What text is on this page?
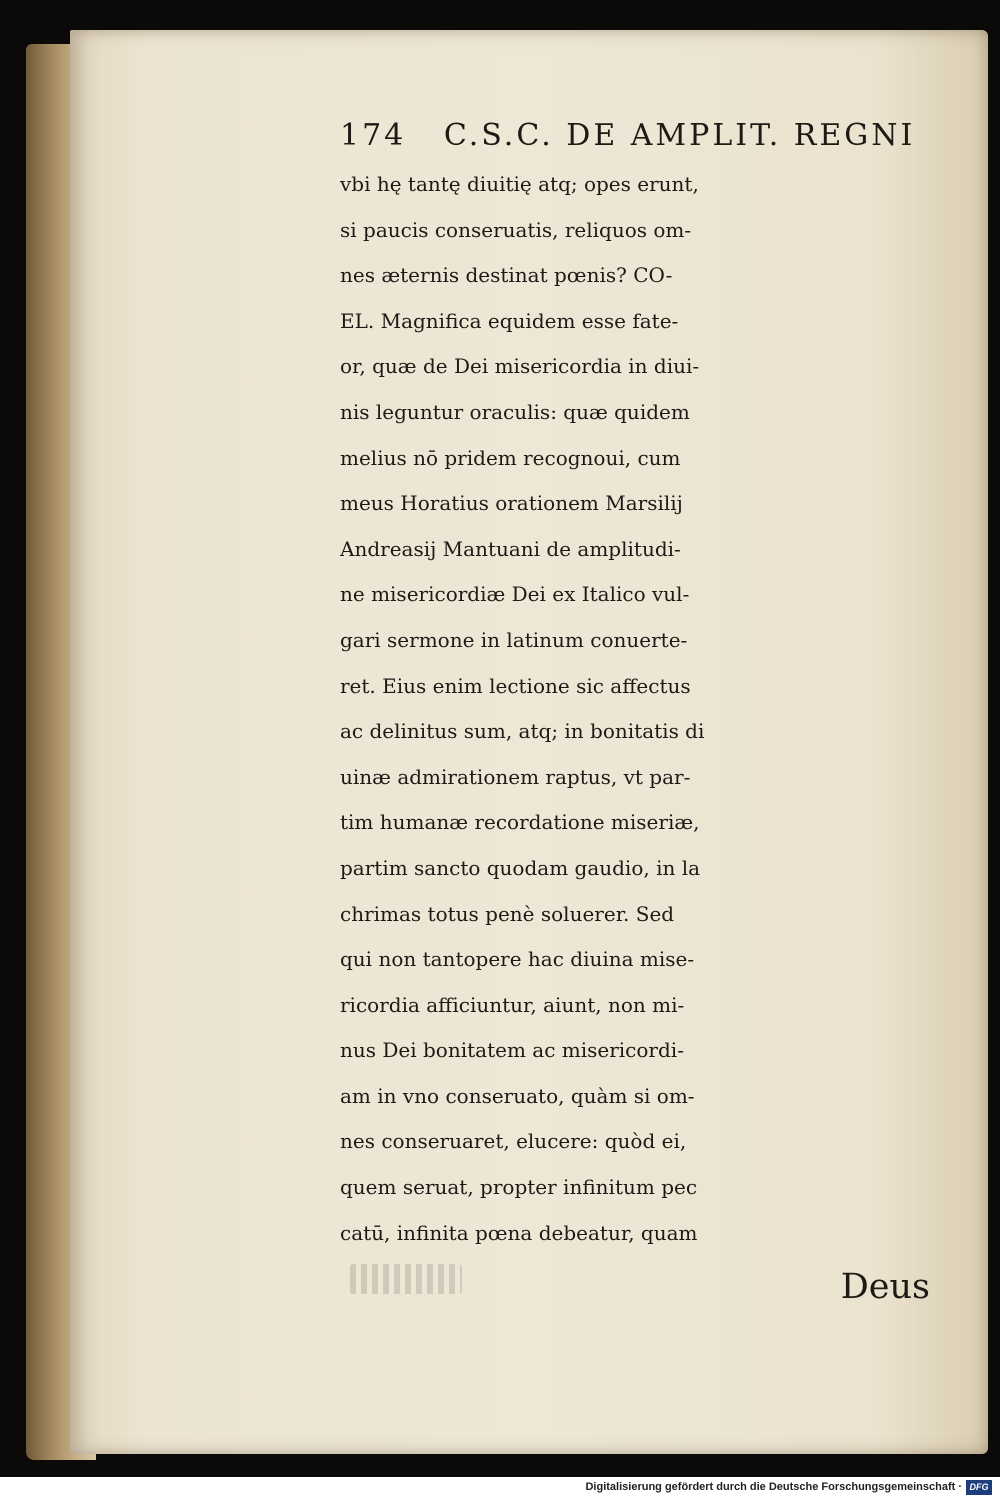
174 C.S.C. DE AMPLIT. REGNI
vbi hę tantę diuitię atq; opes erunt,
si paucis conseruatis, reliquos om-
nes æternis destinat pœnis? CO-
EL. Magnifica equidem esse fate-
or, quæ de Dei misericordia in diui-
nis leguntur oraculis: quæ quidem
melius nō pridem recognoui, cum
meus Horatius orationem Marsilij
Andreasij Mantuani de amplitudi-
ne misericordiæ Dei ex Italico vul-
gari sermone in latinum conuerte-
ret. Eius enim lectione sic affectus
ac delinitus sum, atq; in bonitatis di
uinæ admirationem raptus, vt par-
tim humanæ recordatione miseriæ,
partim sancto quodam gaudio, in la
chrimas totus penè soluerer. Sed
qui non tantopere hac diuina mise-
ricordia afficiuntur, aiunt, non mi-
nus Dei bonitatem ac misericordi-
am in vno conseruato, quàm si om-
nes conseruaret, elucere: quòd ei,
quem seruat, propter infinitum pec
catū, infinita pœna debeatur, quam
Deus
Digitalisierung gefördert durch die Deutsche Forschungsgemeinschaft · DFG
